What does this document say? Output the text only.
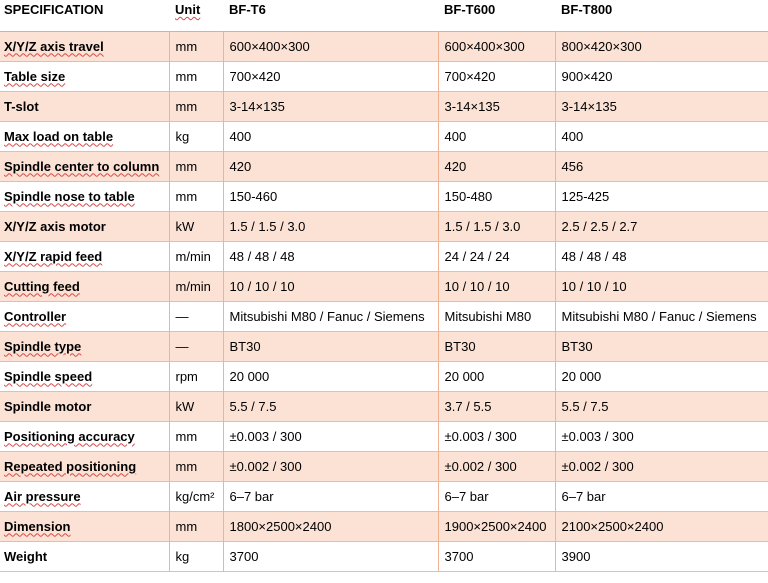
SPECIFICATION	Unit	BF-T6	BF-T600	BF-T800
X/Y/Z axis travel	mm	600×400×300	600×400×300	800×420×300
Table size	mm	700×420	700×420	900×420
T-slot	mm	3-14×135	3-14×135	3-14×135
Max load on table	kg	400	400	400
Spindle center to column	mm	420	420	456
Spindle nose to table	mm	150-460	150-480	125-425
X/Y/Z axis motor	kW	1.5 / 1.5 / 3.0	1.5 / 1.5 / 3.0	2.5 / 2.5 / 2.7
X/Y/Z rapid feed	m/min	48 / 48 / 48	24 / 24 / 24	48 / 48 / 48
Cutting feed	m/min	10 / 10 / 10	10 / 10 / 10	10 / 10 / 10
Controller	—	Mitsubishi M80 / Fanuc / Siemens	Mitsubishi M80	Mitsubishi M80 / Fanuc / Siemens
Spindle type	—	BT30	BT30	BT30
Spindle speed	rpm	20 000	20 000	20 000
Spindle motor	kW	5.5 / 7.5	3.7 / 5.5	5.5 / 7.5
Positioning accuracy	mm	±0.003 / 300	±0.003 / 300	±0.003 / 300
Repeated positioning	mm	±0.002 / 300	±0.002 / 300	±0.002 / 300
Air pressure	kg/cm²	6–7 bar	6–7 bar	6–7 bar
Dimension	mm	1800×2500×2400	1900×2500×2400	2100×2500×2400
Weight	kg	3700	3700	3900
